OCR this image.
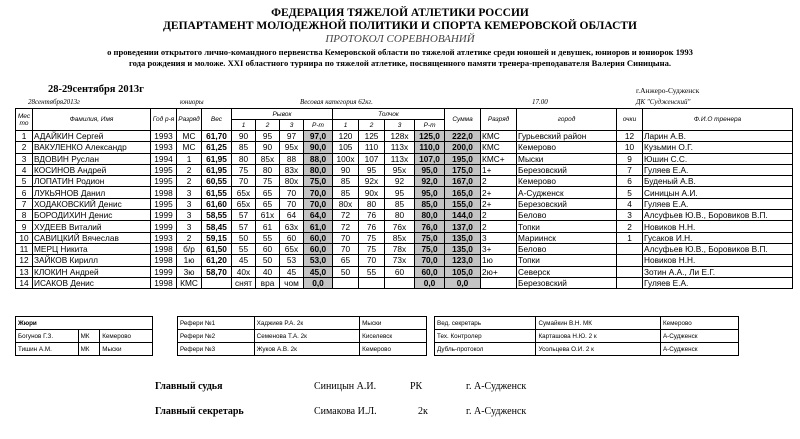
ФЕДЕРАЦИЯ ТЯЖЕЛОЙ АТЛЕТИКИ РОССИИ
ДЕПАРТАМЕНТ МОЛОДЕЖНОЙ ПОЛИТИКИ И СПОРТА КЕМЕРОВСКОЙ ОБЛАСТИ
ПРОТОКОЛ СОРЕВНОВАНИЙ
о проведении открытого лично-командного первенства Кемеровской области по тяжелой атлетике среди юношей и девушек, юниоров и юниорок 1993 года рождения и моложе. XXI областного турнира по тяжелой атлетике, посвященного памяти тренера-преподавателя Валерия Синицына.
28-29сентября 2013г	г.Анжеро-Судженск
28сентября2013г	юниоры	Весовая категория 62кг.	17.00	ДК "Судженский"
Мес то	Фамилия, Имя	Год р-я	Разряд	Вес	Рывок				Толчок				Сумма	Разряд	город	очки	Ф.И.О тренера
					1	2	3	Р-т	1	2	3	Р-т					
1	АДАЙКИН Сергей	1993	МС	61,70	90	95	97	97,0	120	125	128х	125,0	222,0	КМС	Гурьевский район	12	Ларин А.В.
2	ВАКУЛЕНКО Александр	1993	МС	61,25	85	90	95х	90,0	105	110	113х	110,0	200,0	КМС	Кемерово	10	Кузьмин О.Г.
3	ВДОВИН Руслан	1994	1	61,95	80	85х	88	88,0	100х	107	113х	107,0	195,0	КМС+	Мыски	9	Юшин С.С.
4	КОСИНОВ Андрей	1995	2	61,95	75	80	83х	80,0	90	95	95х	95,0	175,0	1+	Березовский	7	Гуляев Е.А.
5	ЛОПАТИН Родион	1995	2	60,55	70	75	80х	75,0	85	92х	92	92,0	167,0	2	Кемерово	6	Буденый А.В.
6	ЛУКЬЯНОВ Данил	1998	3	61,55	65х	65	70	70,0	85	90х	95	95,0	165,0	2+	А-Судженск	5	Синицын А.И.
7	ХОДАКОВСКИЙ Денис	1995	3	61,60	65х	65	70	70,0	80х	80	85	85,0	155,0	2+	Березовский	4	Гуляев Е.А.
8	БОРОДИХИН Денис	1999	3	58,55	57	61х	64	64,0	72	76	80	80,0	144,0	2	Белово	3	Алсуфьев Ю.В., Боровиков В.П.
9	ХУДЕЕВ Виталий	1999	3	58,45	57	61	63х	61,0	72	76	76х	76,0	137,0	2	Топки	2	Новиков Н.Н.
10	САВИЦКИЙ Вячеслав	1993	2	59,15	50	55	60	60,0	70	75	85х	75,0	135,0	3	Мариинск	1	Гусаков И.Н.
11	МЕРЦ Никита	1998	б/р	61,50	55	60	65х	60,0	70	75	78х	75,0	135,0	3+	Белово		Алсуфьев Ю.В., Боровиков В.П.
12	ЗАЙКОВ Кирилл	1998	1ю	61,20	45	50	53	53,0	65	70	73х	70,0	123,0	1ю	Топки		Новиков Н.Н.
13	КЛОКИН Андрей	1999	3ю	58,70	40х	40	45	45,0	50	55	60	60,0	105,0	2ю+	Северск		Зотин А.А., Ли Е.Г.
14	ИСАКОВ Денис	1998	КМС		снят	вра	чом	0,0				0,0	0,0		Березовский		Гуляев Е.А.
Жюри		
Богунов Г.З.	МК	Кемерово
Тишин А.М.	МК	Мыски
Рефери №1	Хаджиев Р.А. 2к	Мыски
Рефери №2	Семенова Т.А. 2к	Киселевск
Рефери №3	Жуков А.В. 2к	Кемерово
Вед. секретарь	Сумайкин В.Н. МК	Кемерово
Тех. Контролер	Карташова Н.Ю. 2 к	А-Судженск
Дубль-протокол	Усольцева О.И. 2 к	А-Судженск
Главный судья	Синицын А.И.	РК	г. А-Судженск
Главный секретарь	Симакова И.Л.	2к	г. А-Судженск
